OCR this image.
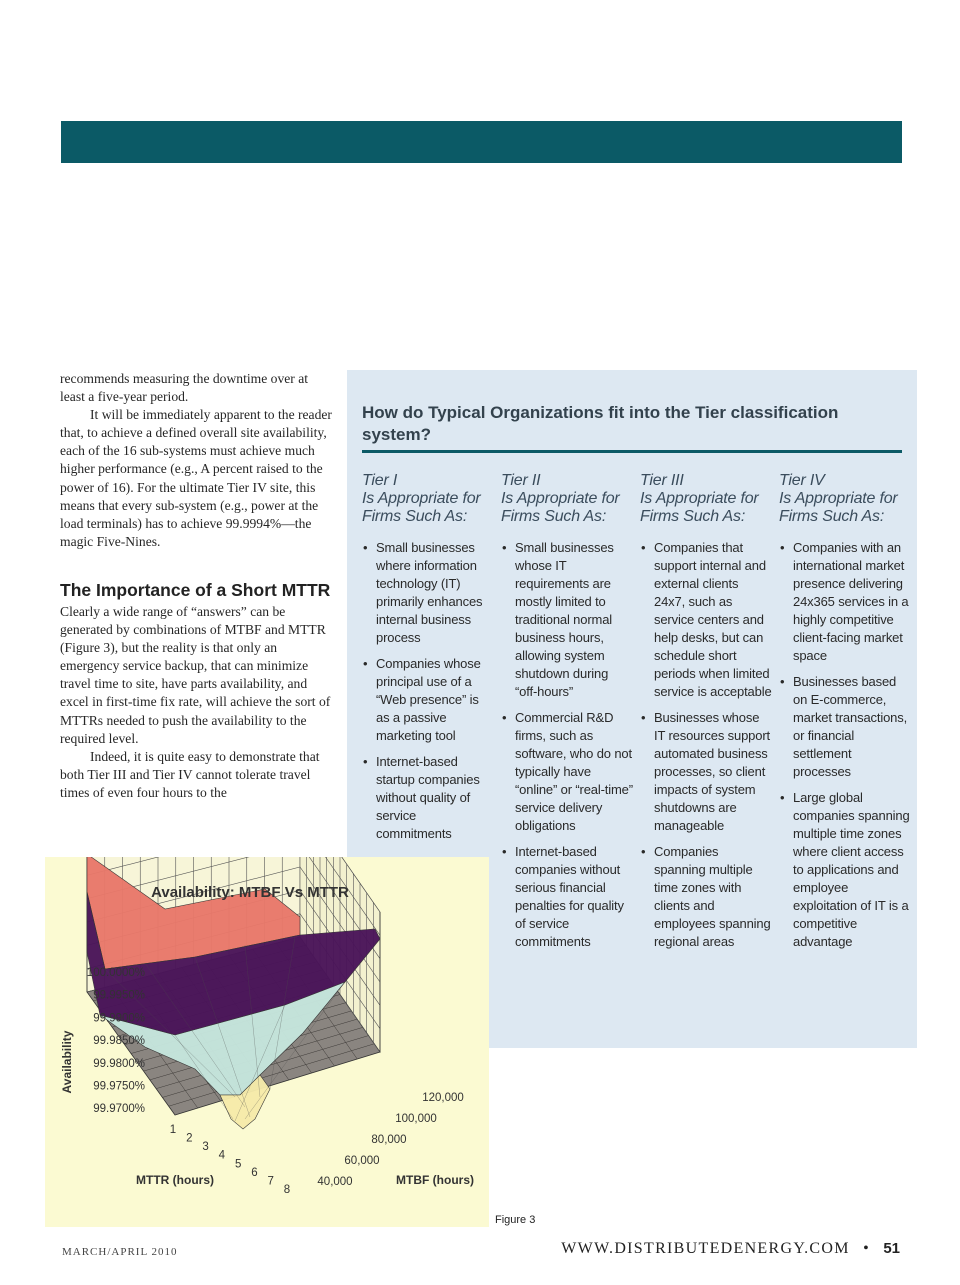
recommends measuring the downtime over at least a five-year period.

It will be immediately apparent to the reader that, to achieve a defined overall site availability, each of the 16 sub-systems must achieve much higher performance (e.g., A percent raised to the power of 16). For the ultimate Tier IV site, this means that every sub-system (e.g., power at the load terminals) has to achieve 99.9994%—the magic Five-Nines.

The Importance of a Short MTTR

Clearly a wide range of “answers” can be generated by combinations of MTBF and MTTR (Figure 3), but the reality is that only an emergency service backup, that can minimize travel time to site, have parts availability, and excel in first-time fix rate, will achieve the sort of MTTRs needed to push the availability to the required level.

Indeed, it is quite easy to demonstrate that both Tier III and Tier IV cannot tolerate travel times of even four hours to the

How do Typical Organizations fit into the Tier classification system?
Tier I
Is Appropriate for
Firms Such As:
• Small businesses where information technology (IT) primarily enhances internal business process
• Companies whose principal use of a “Web presence” is as a passive marketing tool
• Internet-based startup companies without quality of service commitments
Tier II
Is Appropriate for
Firms Such As:
• Small businesses whose IT requirements are mostly limited to traditional normal business hours, allowing system shutdown during “off-hours”
• Commercial R&D firms, such as software, who do not typically have “online” or “real-time” service delivery obligations
• Internet-based companies without serious financial penalties for quality of service commitments
Tier III
Is Appropriate for
Firms Such As:
• Companies that support internal and external clients 24x7, such as service centers and help desks, but can schedule short periods when limited service is acceptable
• Businesses whose IT resources support automated business processes, so client impacts of system shutdowns are manageable
• Companies spanning multiple time zones with clients and employees spanning regional areas
Tier IV
Is Appropriate for
Firms Such As:
• Companies with an international market presence delivering 24x365 services in a highly competitive client-facing market space
• Businesses based on E-commerce, market transactions, or financial settlement processes
• Large global companies spanning multiple time zones where client access to applications and employee exploitation of IT is a competitive advantage
Availability: MTBF Vs MTTR
Availability
MTTR (hours)	MTBF (hours)
100.0000%
99.9950%
99.9900%
99.9850%
99.9800%
99.9750%
99.9700%
1
2
3
4
5
6
7
8
40,000
60,000
80,000
100,000
120,000
Figure 3
MARCH/APRIL 2010	WWW.DISTRIBUTEDENERGY.COM • 51
